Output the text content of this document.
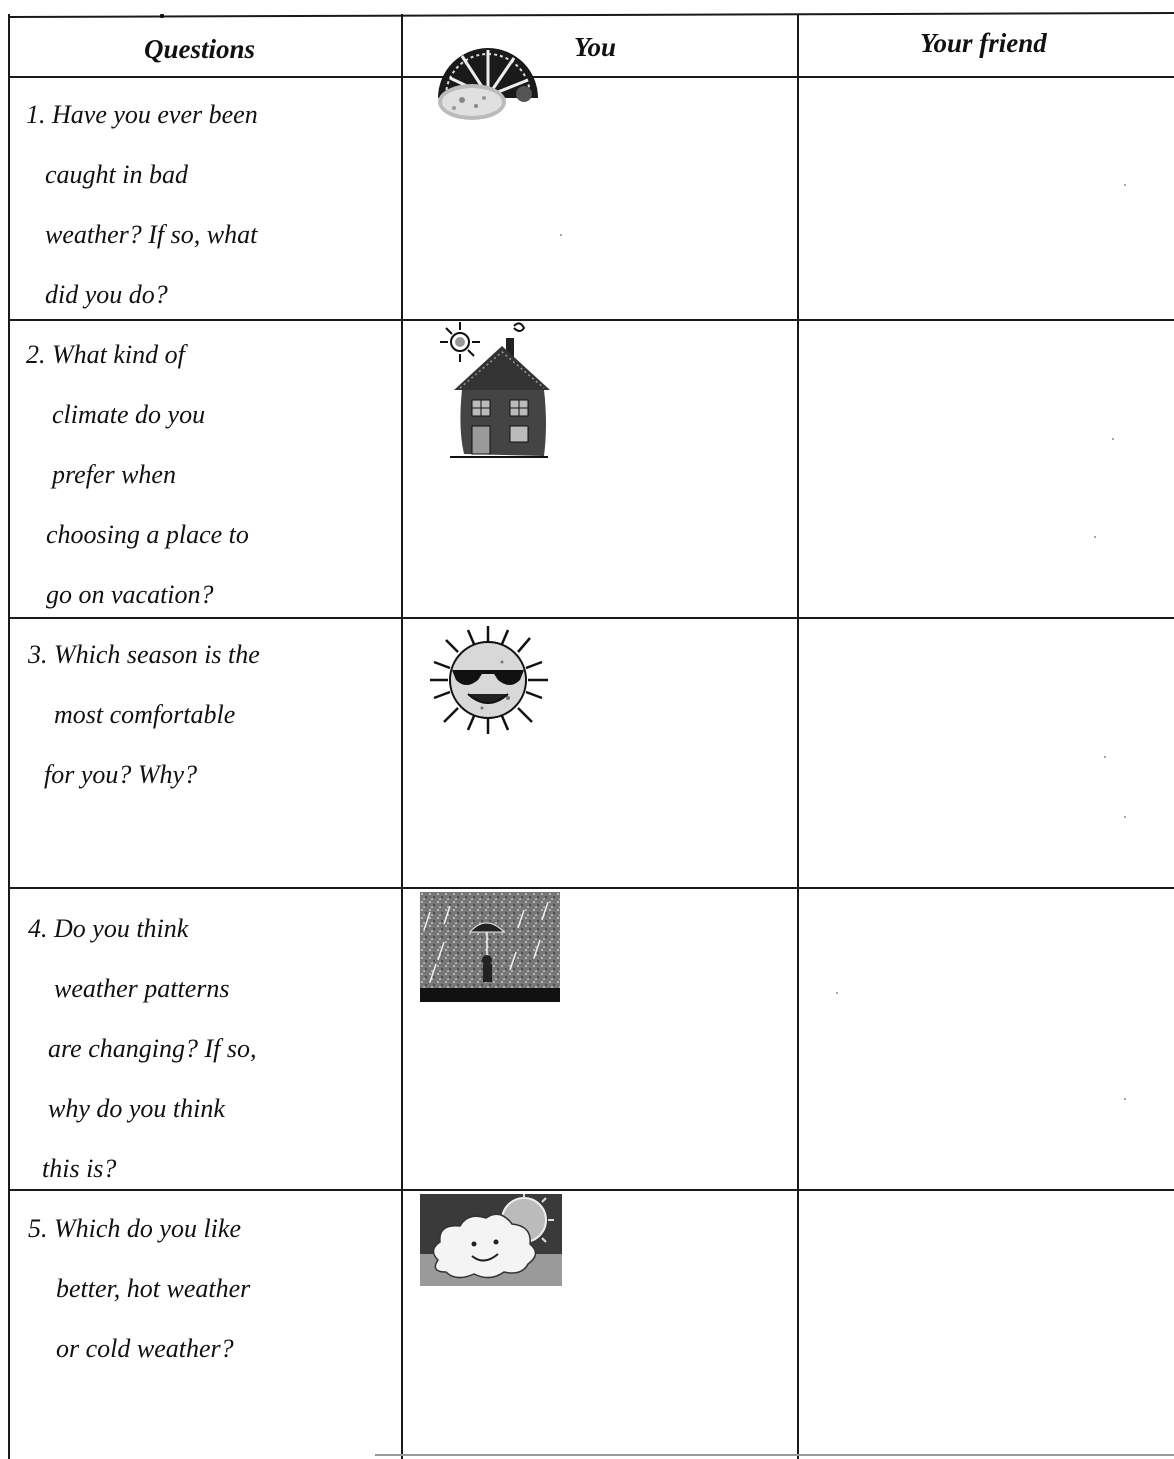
Questions	You	Your friend
1. Have you ever been
caught in bad
weather? If so, what
did you do?
2. What kind of
climate do you
prefer when
choosing a place to
go on vacation?
3. Which season is the
most comfortable
for you? Why?
4. Do you think
weather patterns
are changing? If so,
why do you think
this is?
5. Which do you like
better, hot weather
or cold weather?
